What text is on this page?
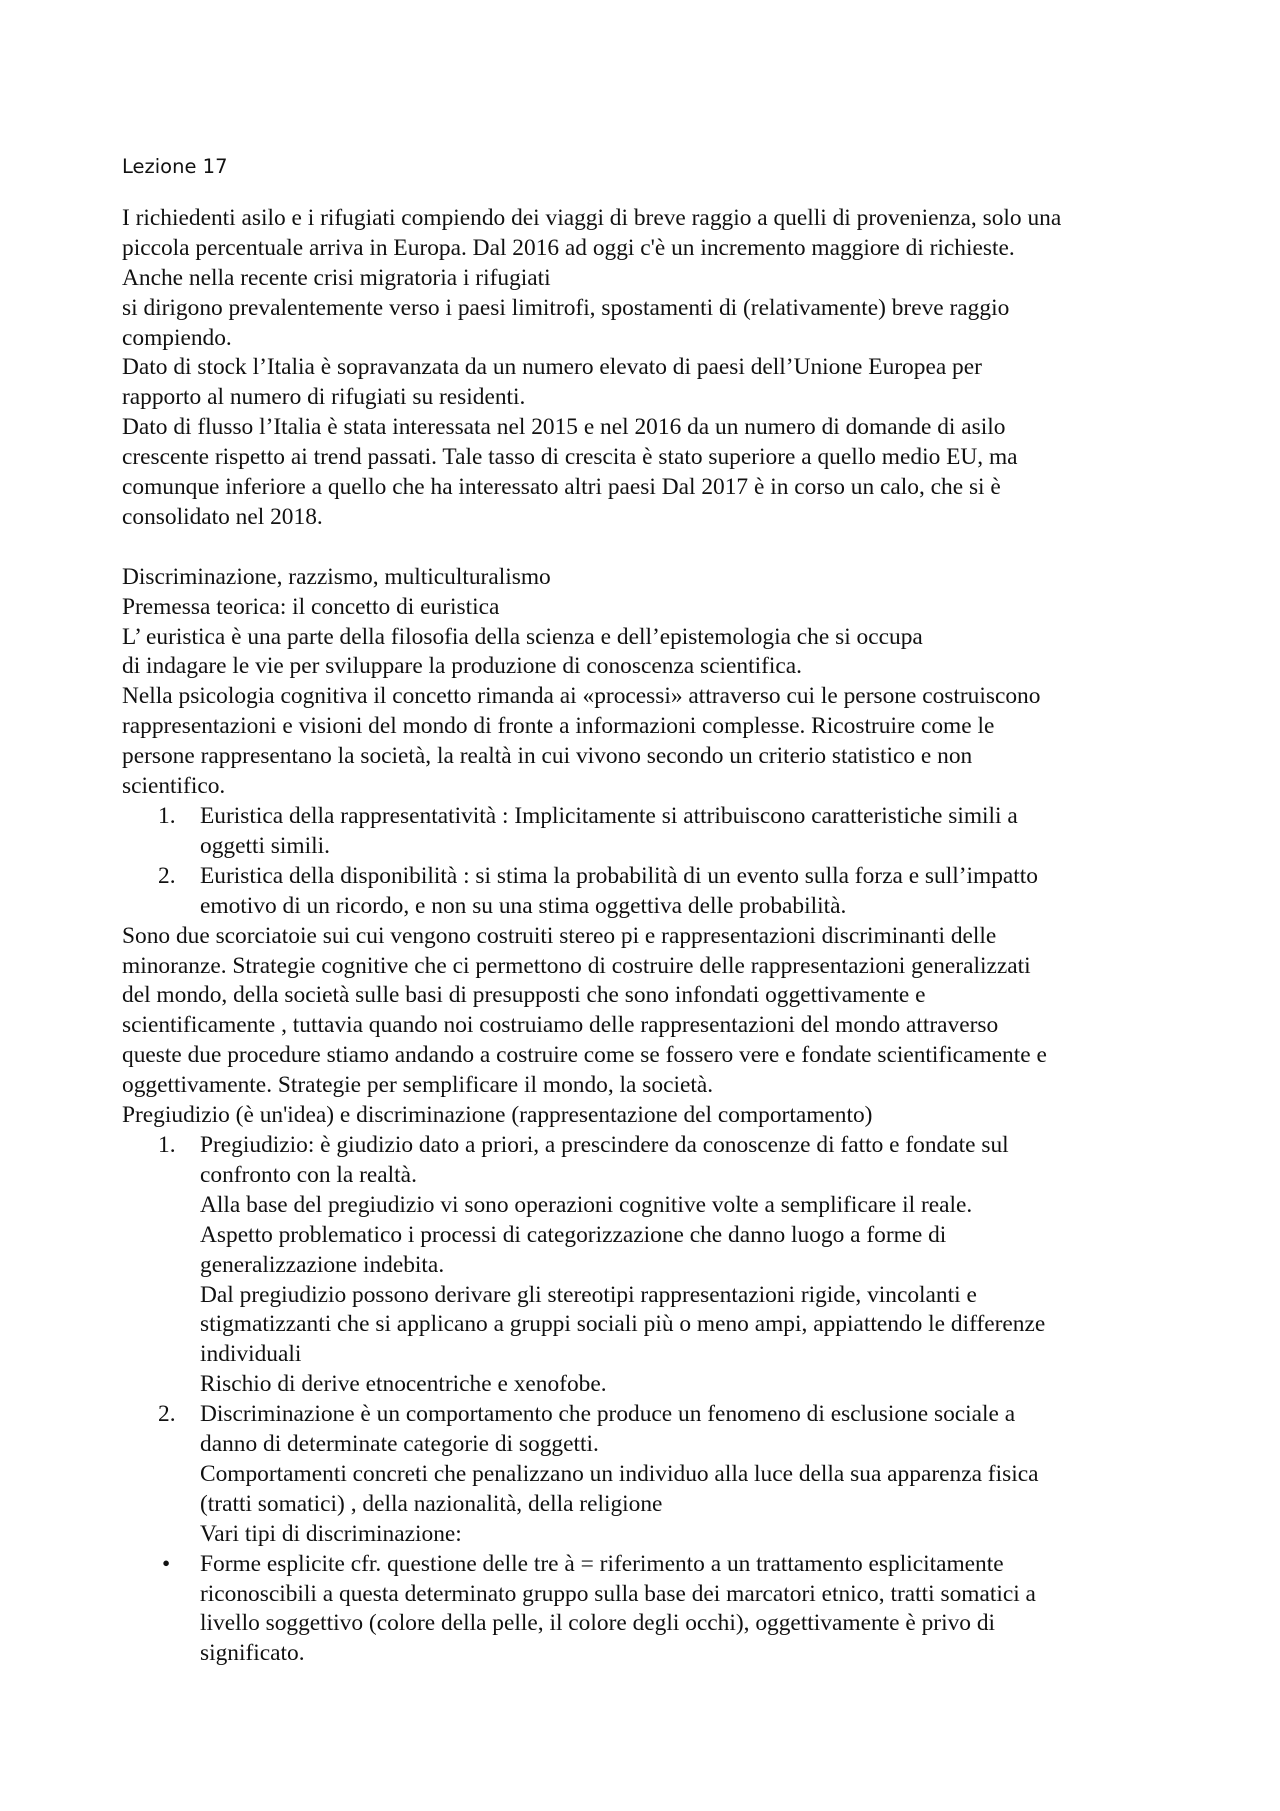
Lezione 17

I richiedenti asilo e i rifugiati compiendo dei viaggi di breve raggio a quelli di provenienza, solo una

piccola percentuale arriva in Europa. Dal 2016 ad oggi c'è un incremento maggiore di richieste.

Anche nella recente crisi migratoria i rifugiati

si dirigono prevalentemente verso i paesi limitrofi, spostamenti di (relativamente) breve raggio

compiendo.

Dato di stock l’Italia è sopravanzata da un numero elevato di paesi dell’Unione Europea per

rapporto al numero di rifugiati su residenti.

Dato di flusso l’Italia è stata interessata nel 2015 e nel 2016 da un numero di domande di asilo

crescente rispetto ai trend passati. Tale tasso di crescita è stato superiore a quello medio EU, ma

comunque inferiore a quello che ha interessato altri paesi Dal 2017 è in corso un calo, che si è

consolidato nel 2018.

Discriminazione, razzismo, multiculturalismo

Premessa teorica: il concetto di euristica

L’ euristica è una parte della filosofia della scienza e dell’epistemologia che si occupa

di indagare le vie per sviluppare la produzione di conoscenza scientifica.

Nella psicologia cognitiva il concetto rimanda ai «processi» attraverso cui le persone costruiscono

rappresentazioni e visioni del mondo di fronte a informazioni complesse. Ricostruire come le

persone rappresentano la società, la realtà in cui vivono secondo un criterio statistico e non

scientifico.

1.	Euristica della rappresentatività : Implicitamente si attribuiscono caratteristiche simili a

oggetti simili.

2.	Euristica della disponibilità : si stima la probabilità di un evento sulla forza e sull’impatto

emotivo di un ricordo, e non su una stima oggettiva delle probabilità.

Sono due scorciatoie sui cui vengono costruiti stereo pi e rappresentazioni discriminanti delle

minoranze. Strategie cognitive che ci permettono di costruire delle rappresentazioni generalizzati

del mondo, della società sulle basi di presupposti che sono infondati oggettivamente e

scientificamente , tuttavia quando noi costruiamo delle rappresentazioni del mondo attraverso

queste due procedure stiamo andando a costruire come se fossero vere e fondate scientificamente e

oggettivamente. Strategie per semplificare il mondo, la società.

Pregiudizio (è un'idea) e discriminazione (rappresentazione del comportamento)

1.	Pregiudizio: è giudizio dato a priori, a prescindere da conoscenze di fatto e fondate sul

confronto con la realtà.

Alla base del pregiudizio vi sono operazioni cognitive volte a semplificare il reale.

Aspetto problematico i processi di categorizzazione che danno luogo a forme di

generalizzazione indebita.

Dal pregiudizio possono derivare gli stereotipi rappresentazioni rigide, vincolanti e

stigmatizzanti che si applicano a gruppi sociali più o meno ampi, appiattendo le differenze

individuali

Rischio di derive etnocentriche e xenofobe.

2.	Discriminazione è un comportamento che produce un fenomeno di esclusione sociale a

danno di determinate categorie di soggetti.

Comportamenti concreti che penalizzano un individuo alla luce della sua apparenza fisica

(tratti somatici) , della nazionalità, della religione

Vari tipi di discriminazione:

• Forme esplicite cfr. questione delle tre à = riferimento a un trattamento esplicitamente

riconoscibili a questa determinato gruppo sulla base dei marcatori etnico, tratti somatici a

livello soggettivo (colore della pelle, il colore degli occhi), oggettivamente è privo di

significato.
